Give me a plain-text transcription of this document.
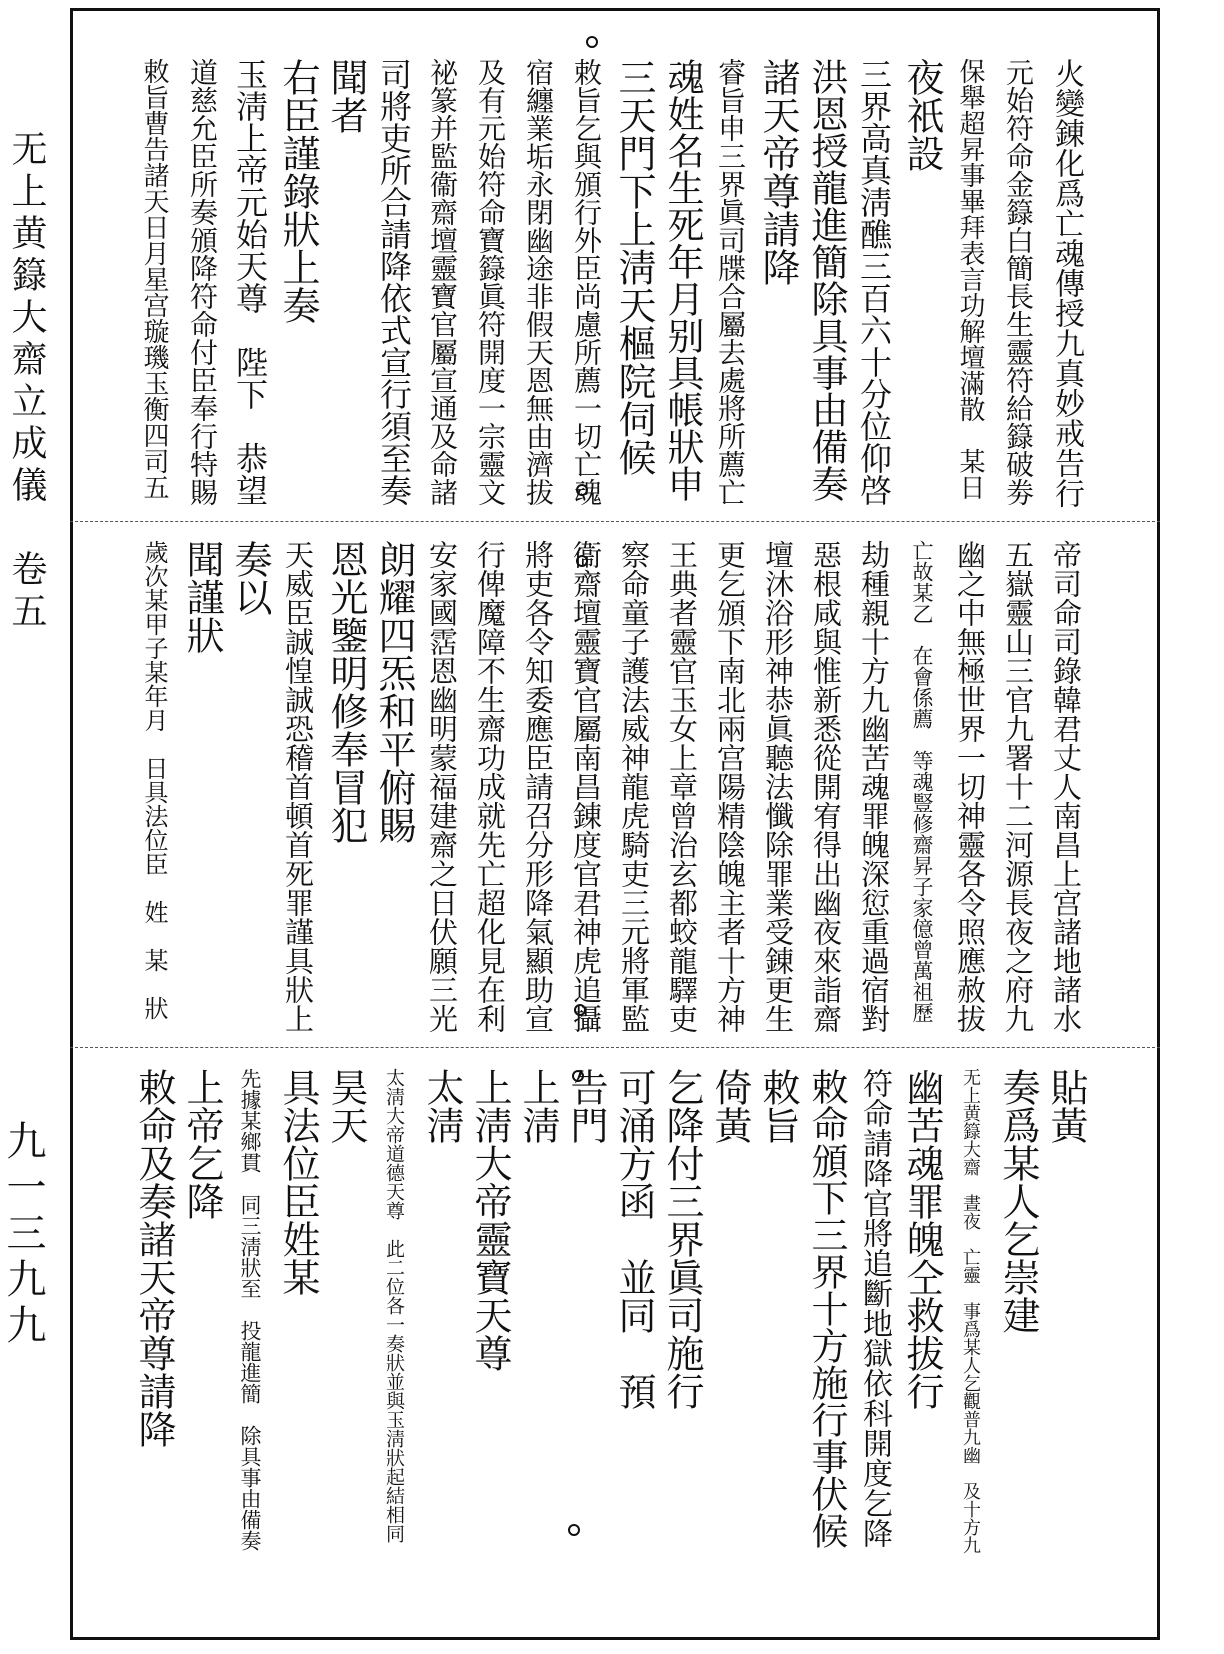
无上黄籙大齋立成儀　卷五
九一三九九
火變錬化爲亡魂傳授九真妙戒告行
元始符命金籙白簡長生靈符給籙破劵
保舉超昇事畢拜表言功解壇滿散　某日
夜祇設
三界高真淸醮三百六十分位仰啓
洪恩授龍進簡除具事由備奏
諸天帝尊請降
睿旨申三界眞司牒合屬去處將所薦亡
魂姓名生死年月别具帳狀申
三天門下上淸天樞院伺候
敕旨乞與頒行外臣尚慮所薦一切亡魂
宿纏業垢永閉幽途非假天恩無由濟拔
及有元始符命寶籙眞符開度一宗靈文
祕篆并監衞齋壇靈寶官屬宣通及命諸
司將吏所合請降依式宣行須至奏
聞者
右臣謹錄狀上奏
玉淸上帝元始天尊　陛下　恭望
道慈允臣所奏頒降符命付臣奉行特賜
敕旨曹告諸天日月星宫璇璣玉衡四司五
帝司命司錄韓君丈人南昌上宫諸地諸水
五嶽靈山三官九署十二河源長夜之府九
幽之中無極世界一切神靈各令照應赦拔
亡故某乙　在會係薦　等魂豎修齋昇子家億曾萬祖歷
劫種親十方九幽苦魂罪魄深愆重過宿對
惡根咸與惟新悉從開宥得出幽夜來詣齋
壇沐浴形神恭眞聽法懺除罪業受錬更生
更乞頒下南北兩宫陽精陰魄主者十方神
王典者靈官玉女上章曾治玄都蛟龍驛吏
察命童子護法威神龍虎騎吏三元將軍監
衞齋壇靈寶官屬南昌錬度官君神虎追攝
將吏各令知委應臣請召分形降氣顯助宣
行俾魔障不生齋功成就先亡超化見在利
安家國霑恩幽明蒙福建齋之日伏願三光
朗耀四炁和平俯賜
恩光鑒明修奉冒犯
天威臣誠惶誠恐稽首頓首死罪謹具狀上
奏以
聞謹狀
歲次某甲子某年月　日具法位臣　姓　某　狀
貼黃
奏爲某人乞崇建
无上黄籙大齋　晝夜　亡靈　事爲某人乞觀普九幽　及十方九
幽苦魂罪魄仝救拔行
符命請降官將追斷地獄依科開度乞降
敕命頒下三界十方施行事伏候
敕旨
倚黃
乞降付三界眞司施行
可涌方函　並同　預
告門
上淸
上淸大帝靈寶天尊
太淸
太淸大帝道德天尊　此二位各一奏狀並與玉淸狀起結相同
昊天
具法位臣姓某
先據某鄉貫　同三淸狀至　投龍進簡　除具事由備奏
上帝乞降
敕命及奏諸天帝尊請降
